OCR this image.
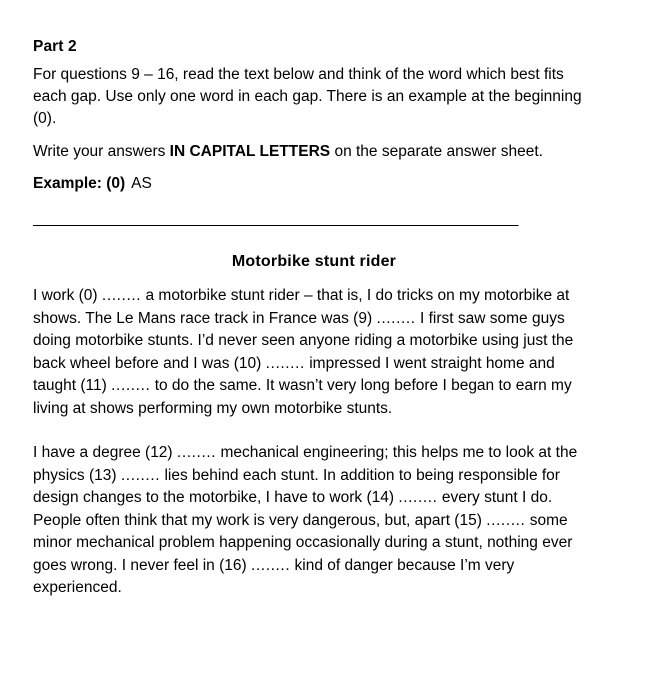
Part 2

For questions 9 – 16, read the text below and think of the word which best fits each gap. Use only one word in each gap. There is an example at the beginning (0).

Write your answers IN CAPITAL LETTERS on the separate answer sheet.

Example: (0) AS

___________________________________________________________
Motorbike stunt rider

I work (0) ........ a motorbike stunt rider – that is, I do tricks on my motorbike at shows. The Le Mans race track in France was (9) ........ I first saw some guys doing motorbike stunts. I’d never seen anyone riding a motorbike using just the back wheel before and I was (10) ........ impressed I went straight home and taught (11) ........ to do the same. It wasn’t very long before I began to earn my living at shows performing my own motorbike stunts.

I have a degree (12) ........ mechanical engineering; this helps me to look at the physics (13) ........ lies behind each stunt. In addition to being responsible for design changes to the motorbike, I have to work (14) ........ every stunt I do. People often think that my work is very dangerous, but, apart (15) ........ some minor mechanical problem happening occasionally during a stunt, nothing ever goes wrong. I never feel in (16) ........ kind of danger because I’m very experienced.
